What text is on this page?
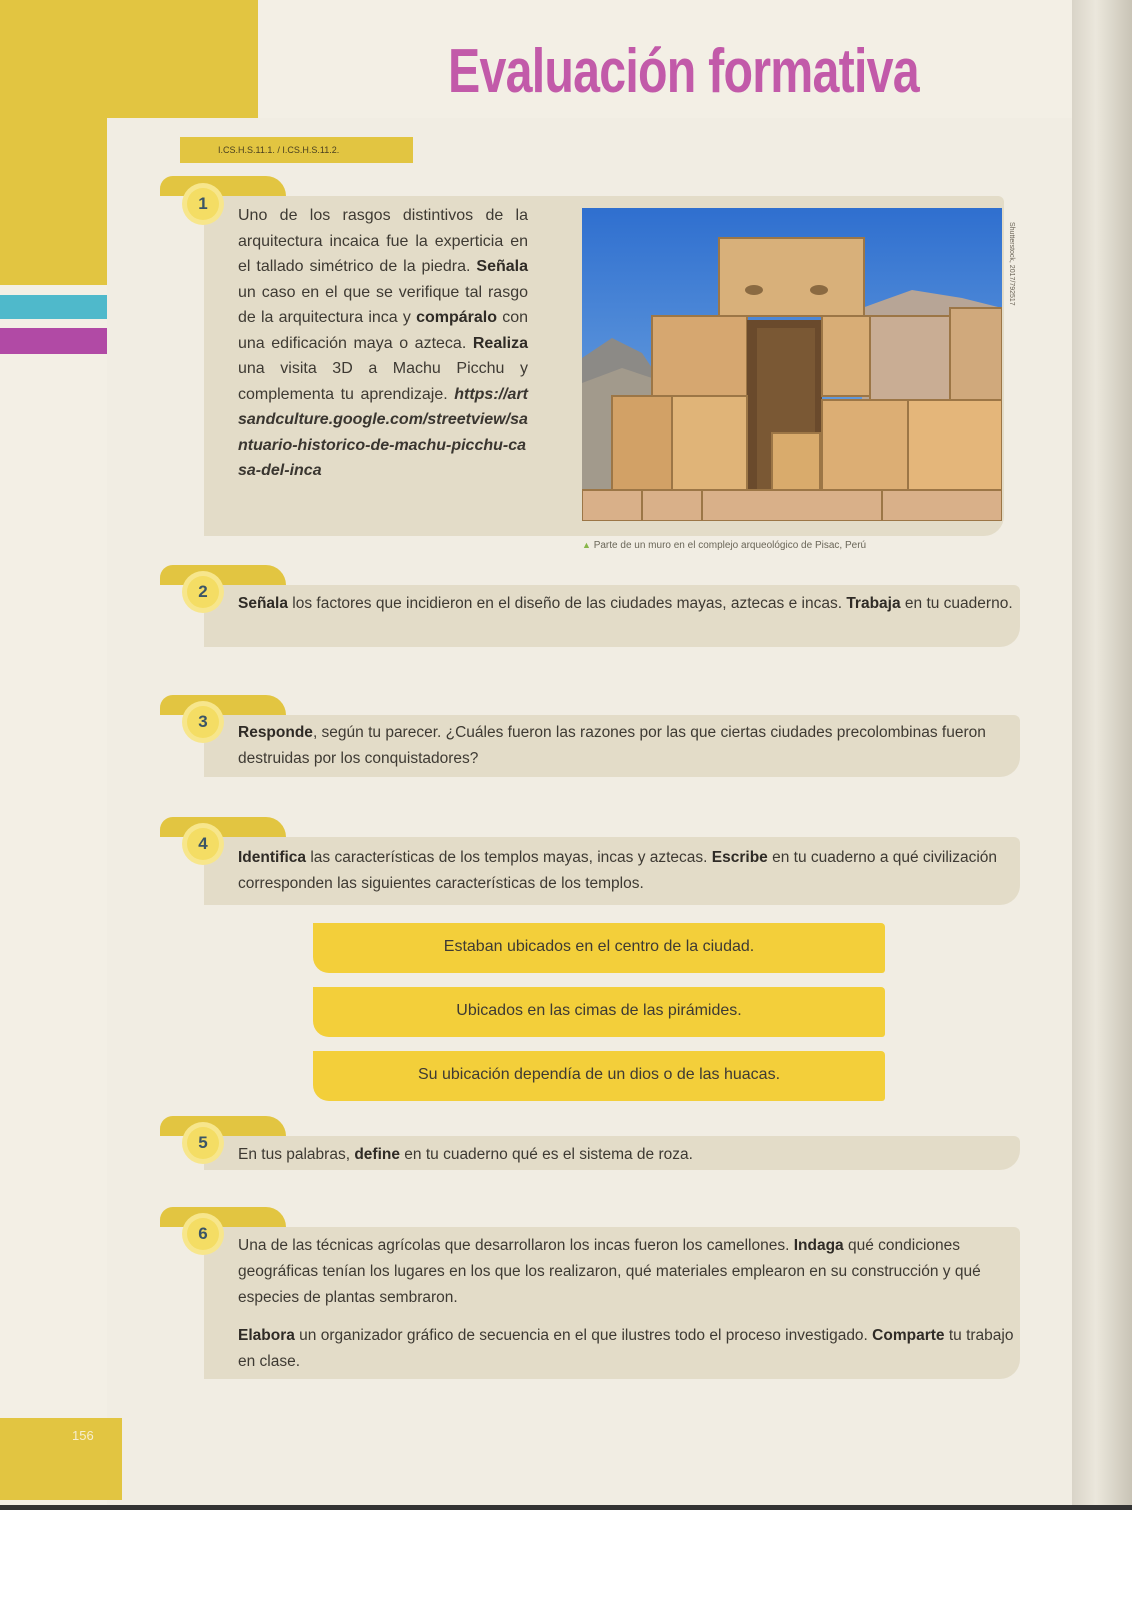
Evaluación formativa
I.CS.H.S.11.1. / I.CS.H.S.11.2.
1
Uno de los rasgos distintivos de la arquitectura incaica fue la experticia en el tallado simétrico de la piedra. Señala un caso en el que se verifique tal rasgo de la arquitectura inca y compáralo con una edificación maya o azteca. Realiza una visita 3D a Machu Picchu y complementa tu aprendizaje. https://artsandculture.google.com/streetview/santuario-historico-de-machu-picchu-casa-del-inca
Shutterstock, 2017/792517
▲ Parte de un muro en el complejo arqueológico de Pisac, Perú
2
Señala los factores que incidieron en el diseño de las ciudades mayas, aztecas e incas. Trabaja en tu cuaderno.
3
Responde, según tu parecer. ¿Cuáles fueron las razones por las que ciertas ciudades precolombinas fueron destruidas por los conquistadores?
4
Identifica las características de los templos mayas, incas y aztecas. Escribe en tu cuaderno a qué civilización corresponden las siguientes características de los templos.
Estaban ubicados en el centro de la ciudad.
Ubicados en las cimas de las pirámides.
Su ubicación dependía de un dios o de las huacas.
5
En tus palabras, define en tu cuaderno qué es el sistema de roza.
6
Una de las técnicas agrícolas que desarrollaron los incas fueron los camellones. Indaga qué condiciones geográficas tenían los lugares en los que los realizaron, qué materiales emplearon en su construcción y qué especies de plantas sembraron.
Elabora un organizador gráfico de secuencia en el que ilustres todo el proceso investigado. Comparte tu trabajo en clase.
156
